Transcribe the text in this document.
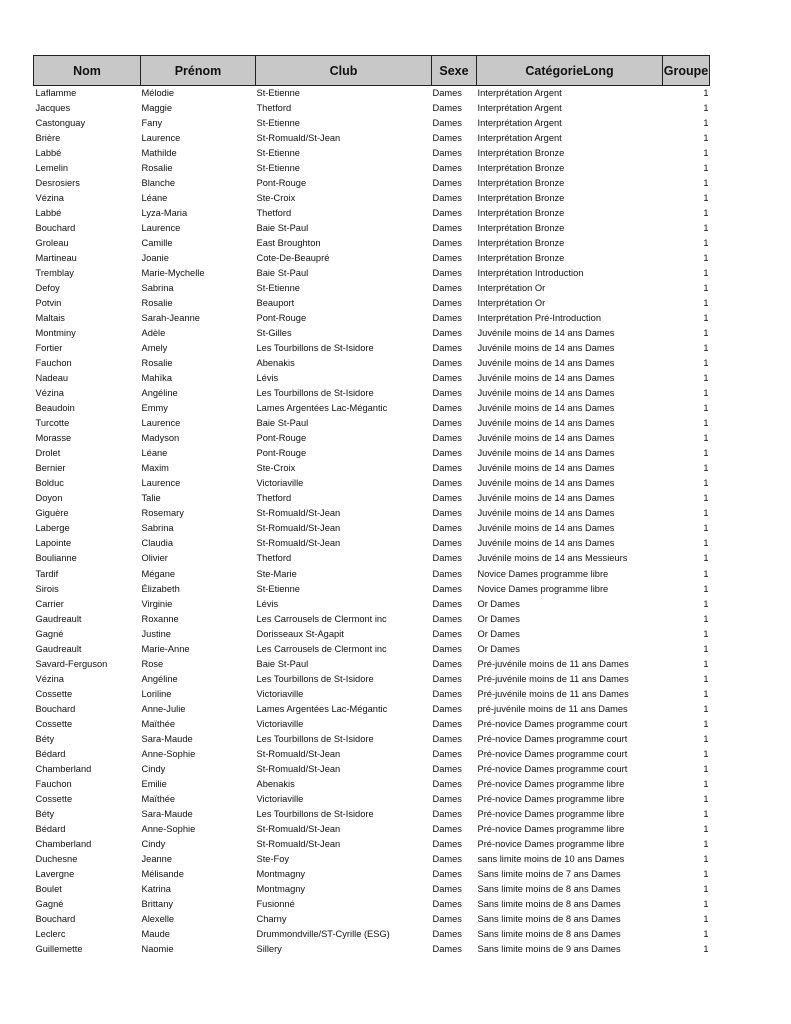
Nom	Prénom	Club	Sexe	CatégorieLong	Groupe
Laflamme	Mélodie	St-Etienne	Dames	Interprétation Argent	1
Jacques	Maggie	Thetford	Dames	Interprétation Argent	1
Castonguay	Fany	St-Etienne	Dames	Interprétation Argent	1
Brière	Laurence	St-Romuald/St-Jean	Dames	Interprétation Argent	1
Labbé	Mathilde	St-Etienne	Dames	Interprétation Bronze	1
Lemelin	Rosalie	St-Etienne	Dames	Interprétation Bronze	1
Desrosiers	Blanche	Pont-Rouge	Dames	Interprétation Bronze	1
Vézina	Léane	Ste-Croix	Dames	Interprétation Bronze	1
Labbé	Lyza-Maria	Thetford	Dames	Interprétation Bronze	1
Bouchard	Laurence	Baie St-Paul	Dames	Interprétation Bronze	1
Groleau	Camille	East Broughton	Dames	Interprétation Bronze	1
Martineau	Joanie	Cote-De-Beaupré	Dames	Interprétation Bronze	1
Tremblay	Marie-Mychelle	Baie St-Paul	Dames	Interprétation Introduction	1
Defoy	Sabrina	St-Etienne	Dames	Interprétation Or	1
Potvin	Rosalie	Beauport	Dames	Interprétation Or	1
Maltais	Sarah-Jeanne	Pont-Rouge	Dames	Interprétation Pré-Introduction	1
Montminy	Adèle	St-Gilles	Dames	Juvénile moins de 14 ans Dames	1
Fortier	Amely	Les Tourbillons de St-Isidore	Dames	Juvénile moins de 14 ans Dames	1
Fauchon	Rosalie	Abenakis	Dames	Juvénile moins de 14 ans Dames	1
Nadeau	Mahïka	Lévis	Dames	Juvénile moins de 14 ans Dames	1
Vézina	Angéline	Les Tourbillons de St-Isidore	Dames	Juvénile moins de 14 ans Dames	1
Beaudoin	Emmy	Lames Argentées Lac-Mégantic	Dames	Juvénile moins de 14 ans Dames	1
Turcotte	Laurence	Baie St-Paul	Dames	Juvénile moins de 14 ans Dames	1
Morasse	Madyson	Pont-Rouge	Dames	Juvénile moins de 14 ans Dames	1
Drolet	Léane	Pont-Rouge	Dames	Juvénile moins de 14 ans Dames	1
Bernier	Maxim	Ste-Croix	Dames	Juvénile moins de 14 ans Dames	1
Bolduc	Laurence	Victoriaville	Dames	Juvénile moins de 14 ans Dames	1
Doyon	Talie	Thetford	Dames	Juvénile moins de 14 ans Dames	1
Giguère	Rosemary	St-Romuald/St-Jean	Dames	Juvénile moins de 14 ans Dames	1
Laberge	Sabrina	St-Romuald/St-Jean	Dames	Juvénile moins de 14 ans Dames	1
Lapointe	Claudia	St-Romuald/St-Jean	Dames	Juvénile moins de 14 ans Dames	1
Boulianne	Olivier	Thetford	Dames	Juvénile moins de 14 ans Messieurs	1
Tardif	Mégane	Ste-Marie	Dames	Novice Dames programme libre	1
Sirois	Élizabeth	St-Etienne	Dames	Novice Dames programme libre	1
Carrier	Virginie	Lévis	Dames	Or Dames	1
Gaudreault	Roxanne	Les Carrousels de Clermont inc	Dames	Or Dames	1
Gagné	Justine	Dorisseaux St-Agapit	Dames	Or Dames	1
Gaudreault	Marie-Anne	Les Carrousels de Clermont inc	Dames	Or Dames	1
Savard-Ferguson	Rose	Baie St-Paul	Dames	Pré-juvénile moins de 11 ans Dames	1
Vézina	Angéline	Les Tourbillons de St-Isidore	Dames	Pré-juvénile moins de 11 ans Dames	1
Cossette	Loriline	Victoriaville	Dames	Pré-juvénile moins de 11 ans Dames	1
Bouchard	Anne-Julie	Lames Argentées Lac-Mégantic	Dames	pré-juvénile moins de 11 ans Dames	1
Cossette	Maïthée	Victoriaville	Dames	Pré-novice Dames programme court	1
Béty	Sara-Maude	Les Tourbillons de St-Isidore	Dames	Pré-novice Dames programme court	1
Bédard	Anne-Sophie	St-Romuald/St-Jean	Dames	Pré-novice Dames programme court	1
Chamberland	Cindy	St-Romuald/St-Jean	Dames	Pré-novice Dames programme court	1
Fauchon	Emilie	Abenakis	Dames	Pré-novice Dames programme libre	1
Cossette	Maïthée	Victoriaville	Dames	Pré-novice Dames programme libre	1
Béty	Sara-Maude	Les Tourbillons de St-Isidore	Dames	Pré-novice Dames programme libre	1
Bédard	Anne-Sophie	St-Romuald/St-Jean	Dames	Pré-novice Dames programme libre	1
Chamberland	Cindy	St-Romuald/St-Jean	Dames	Pré-novice Dames programme libre	1
Duchesne	Jeanne	Ste-Foy	Dames	sans limite moins de 10 ans Dames	1
Lavergne	Mélisande	Montmagny	Dames	Sans limite moins de 7 ans Dames	1
Boulet	Katrina	Montmagny	Dames	Sans limite moins de 8 ans Dames	1
Gagné	Brittany	Fusionné	Dames	Sans limite moins de 8 ans Dames	1
Bouchard	Alexelle	Charny	Dames	Sans limite moins de 8 ans Dames	1
Leclerc	Maude	Drummondville/ST-Cyrille (ESG)	Dames	Sans limite moins de 8 ans Dames	1
Guillemette	Naomie	Sillery	Dames	Sans limite moins de 9 ans Dames	1
